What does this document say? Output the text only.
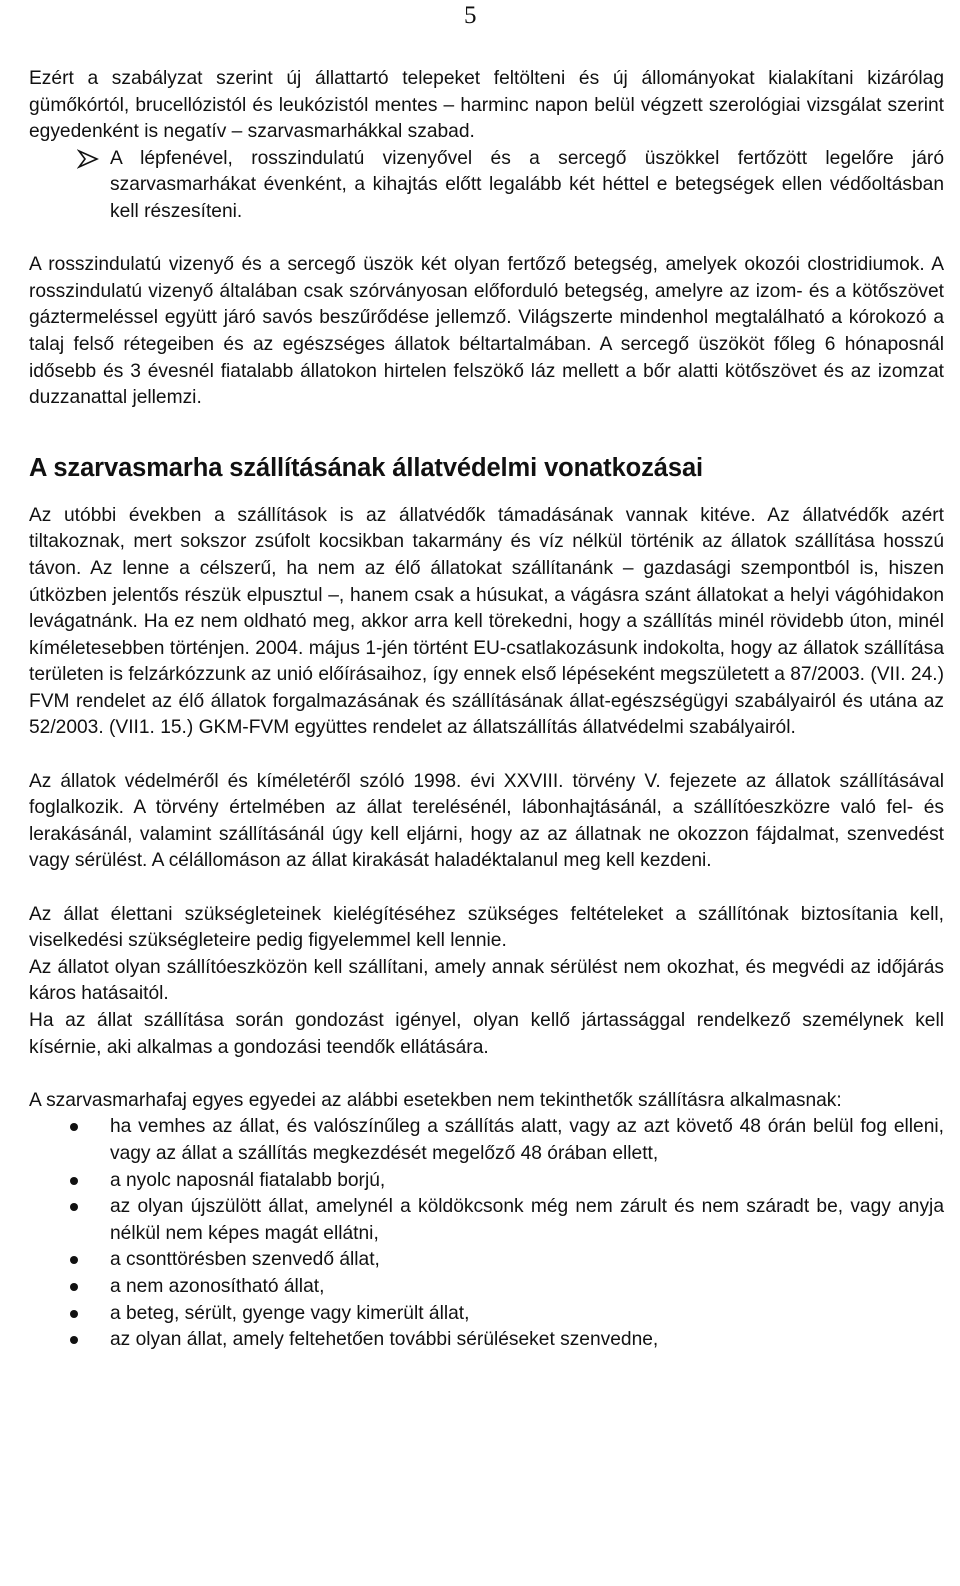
5

Ezért a szabályzat szerint új állattartó telepeket feltölteni és új állományokat kialakítani kizárólag gümőkórtól, brucellózistól és leukózistól mentes – harminc napon belül végzett szerológiai vizsgálat szerint egyedenként is negatív – szarvasmarhákkal szabad.

A lépfenével, rosszindulatú vizenyővel és a sercegő üszökkel fertőzött legelőre járó szarvasmarhákat évenként, a kihajtás előtt legalább két héttel e betegségek ellen védőoltásban kell részesíteni.

A rosszindulatú vizenyő és a sercegő üszök két olyan fertőző betegség, amelyek okozói clostridiumok. A rosszindulatú vizenyő általában csak szórványosan előforduló betegség, amelyre az izom- és a kötőszövet gáztermeléssel együtt járó savós beszűrődése jellemző. Világszerte mindenhol megtalálható a kórokozó a talaj felső rétegeiben és az egészséges állatok béltartalmában. A sercegő üszököt főleg 6 hónaposnál idősebb és 3 évesnél fiatalabb állatokon hirtelen felszökő láz mellett a bőr alatti kötőszövet és az izomzat duzzanattal jellemzi.

A szarvasmarha szállításának állatvédelmi vonatkozásai

Az utóbbi években a szállítások is az állatvédők támadásának vannak kitéve. Az állatvédők azért tiltakoznak, mert sokszor zsúfolt kocsikban takarmány és víz nélkül történik az állatok szállítása hosszú távon. Az lenne a célszerű, ha nem az élő állatokat szállítanánk – gazdasági szempontból is, hiszen útközben jelentős részük elpusztul –, hanem csak a húsukat, a vágásra szánt állatokat a helyi vágóhidakon levágatnánk. Ha ez nem oldható meg, akkor arra kell törekedni, hogy a szállítás minél rövidebb úton, minél kíméletesebben történjen. 2004. május 1-jén történt EU-csatlakozásunk indokolta, hogy az állatok szállítása területen is felzárkózzunk az unió előírásaihoz, így ennek első lépéseként megszületett a 87/2003. (VII. 24.) FVM rendelet az élő állatok forgalmazásának és szállításának állat-egészségügyi szabályairól és utána az 52/2003. (VII1. 15.) GKM-FVM együttes rendelet az állatszállítás állatvédelmi szabályairól.

Az állatok védelméről és kíméletéről szóló 1998. évi XXVIII. törvény V. fejezete az állatok szállításával foglalkozik. A törvény értelmében az állat terelésénél, lábonhajtásánál, a szállítóeszközre való fel- és lerakásánál, valamint szállításánál úgy kell eljárni, hogy az az állatnak ne okozzon fájdalmat, szenvedést vagy sérülést. A célállomáson az állat kirakását haladéktalanul meg kell kezdeni.

Az állat élettani szükségleteinek kielégítéséhez szükséges feltételeket a szállítónak biztosítania kell, viselkedési szükségleteire pedig figyelemmel kell lennie.

Az állatot olyan szállítóeszközön kell szállítani, amely annak sérülést nem okozhat, és megvédi az időjárás káros hatásaitól.

Ha az állat szállítása során gondozást igényel, olyan kellő jártassággal rendelkező személynek kell kísérnie, aki alkalmas a gondozási teendők ellátására.

A szarvasmarhafaj egyes egyedei az alábbi esetekben nem tekinthetők szállításra alkalmasnak:

ha vemhes az állat, és valószínűleg a szállítás alatt, vagy az azt követő 48 órán belül fog elleni, vagy az állat a szállítás megkezdését megelőző 48 órában ellett,
a nyolc naposnál fiatalabb borjú,
az olyan újszülött állat, amelynél a köldökcsonk még nem zárult és nem száradt be, vagy anyja nélkül nem képes magát ellátni,
a csonttörésben szenvedő állat,
a nem azonosítható állat,
a beteg, sérült, gyenge vagy kimerült állat,
az olyan állat, amely feltehetően további sérüléseket szenvedne,
